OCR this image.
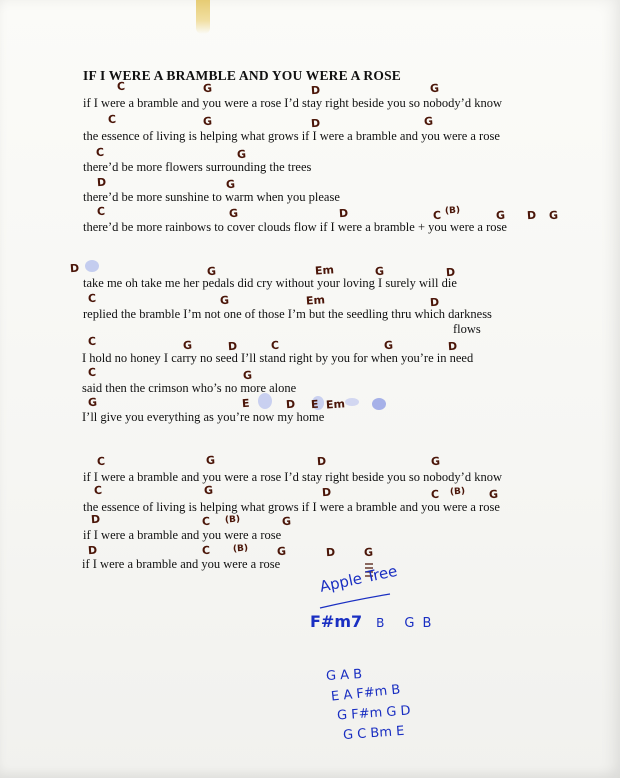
IF I WERE A BRAMBLE AND YOU WERE A ROSE
if I were a bramble and you were a rose I’d stay right beside you so nobody’d know
C	G	D	G
the essence of living is helping what grows if I were a bramble and you were a rose
C	G	D	G
there’d be more flowers surrounding the trees
C	G
there’d be more sunshine to warm when you please
D	G
there’d be more rainbows to cover clouds flow if I were a bramble + you were a rose
C	G	D	C (B)	G D G
take me oh take me her pedals did cry without your loving I surely will die
D	G	Em	G	D
replied the bramble I’m not one of those I’m but the seedling thru which darkness
C	G	Em	D
flows
I hold no honey I carry no seed I’ll stand right by you for when you’re in need
C	G	D	C	G	D
said then the crimson who’s no more alone
C	G
I’ll give you everything as you’re now my home
G	E	D E Em
if I were a bramble and you were a rose I’d stay right beside you so nobody’d know
C	G	D	G
the essence of living is helping what grows if I were a bramble and you were a rose
C	G	D	C (B) G
if I were a bramble and you were a rose
D	C (B)	G
if I were a bramble and you were a rose
D	C (B)	G	D	G
Apple Tree
F#m7 B G B
G A B
E A F#m B
G F#m G D
G C Bm E
